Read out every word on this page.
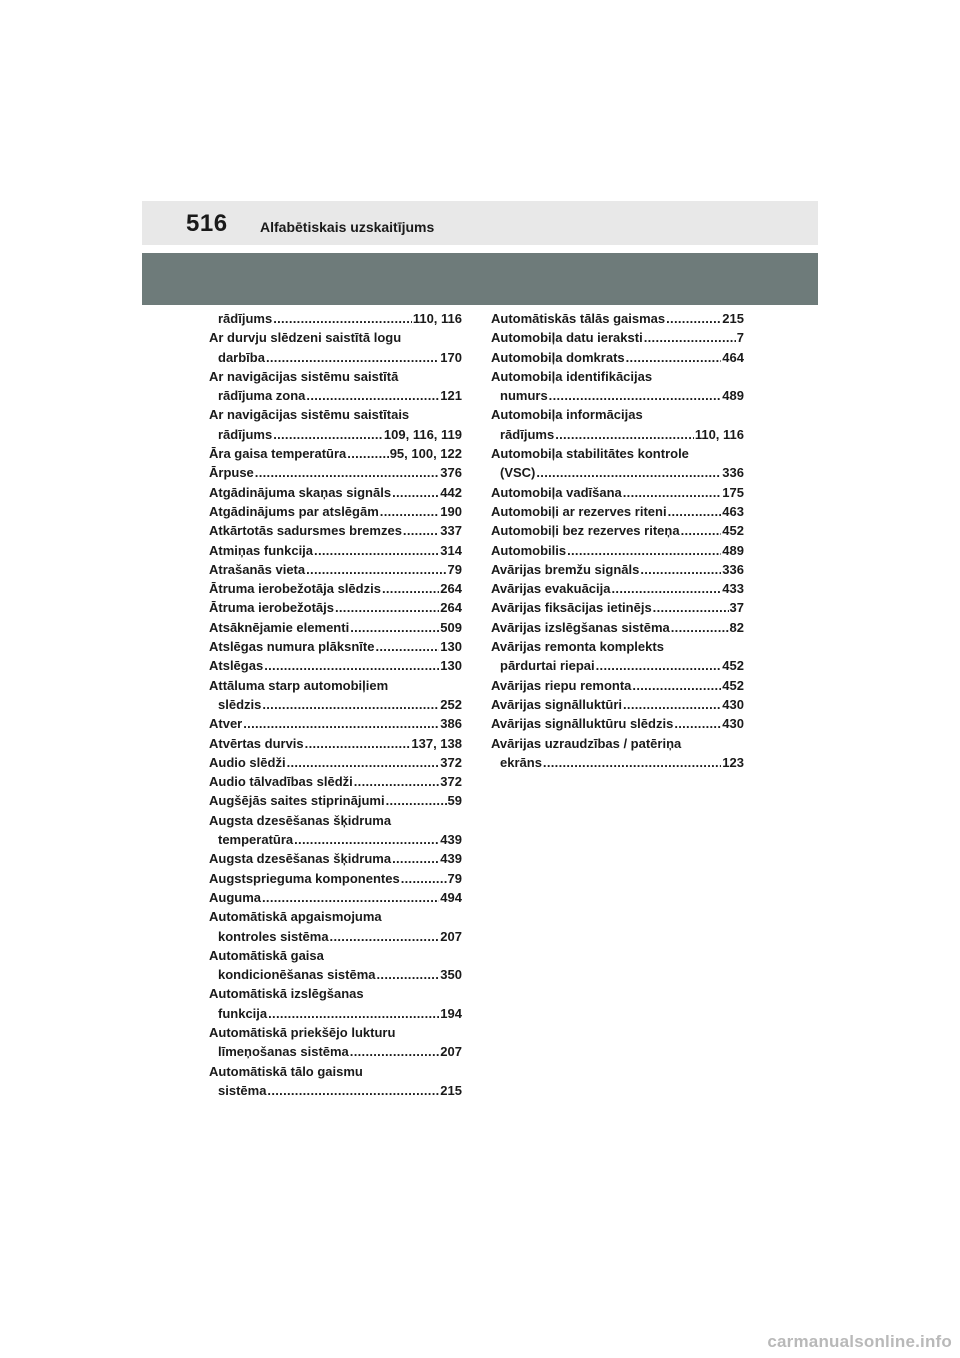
516 Alfabētiskais uzskaitījums
rādījums .....	110, 116
Ar durvju slēdzeni saistītā logu
darbība .....	170
Ar navigācijas sistēmu saistītā
rādījuma zona .....	121
Ar navigācijas sistēmu saistītais
rādījums .....	109, 116, 119
Āra gaisa temperatūra .....	95, 100, 122
Ārpuse .....	376
Atgādinājuma skaņas signāls .....	442
Atgādinājums par atslēgām .....	190
Atkārtotās sadursmes bremzes .....	337
Atmiņas funkcija .....	314
Atrašanās vieta .....	79
Ātruma ierobežotāja slēdzis .....	264
Ātruma ierobežotājs .....	264
Atsāknējamie elementi .....	509
Atslēgas numura plāksnīte .....	130
Atslēgas .....	130
Attāluma starp automobiļiem
slēdzis .....	252
Atver .....	386
Atvērtas durvis .....	137, 138
Audio slēdži .....	372
Audio tālvadības slēdži .....	372
Augšējās saites stiprinājumi .....	59
Augsta dzesēšanas šķidruma
temperatūra .....	439
Augsta dzesēšanas šķidruma .....	439
Augstsprieguma komponentes .....	79
Auguma .....	494
Automātiskā apgaismojuma
kontroles sistēma .....	207
Automātiskā gaisa
kondicionēšanas sistēma .....	350
Automātiskā izslēgšanas
funkcija .....	194
Automātiskā priekšējo lukturu
līmeņošanas sistēma .....	207
Automātiskā tālo gaismu
sistēma .....	215
Automātiskās tālās gaismas .....	215
Automobiļa datu ieraksti .....	7
Automobiļa domkrats .....	464
Automobiļa identifikācijas
numurs .....	489
Automobiļa informācijas
rādījums .....	110, 116
Automobiļa stabilitātes kontrole
(VSC) .....	336
Automobiļa vadīšana .....	175
Automobiļi ar rezerves riteni .....	463
Automobiļi bez rezerves riteņa .....	452
Automobilis .....	489
Avārijas bremžu signāls .....	336
Avārijas evakuācija .....	433
Avārijas fiksācijas ietinējs .....	37
Avārijas izslēgšanas sistēma .....	82
Avārijas remonta komplekts
pārdurtai riepai .....	452
Avārijas riepu remonta .....	452
Avārijas signālluktūri .....	430
Avārijas signālluktūru slēdzis .....	430
Avārijas uzraudzības / patēriņa
ekrāns .....	123
carmanualsonline.info
